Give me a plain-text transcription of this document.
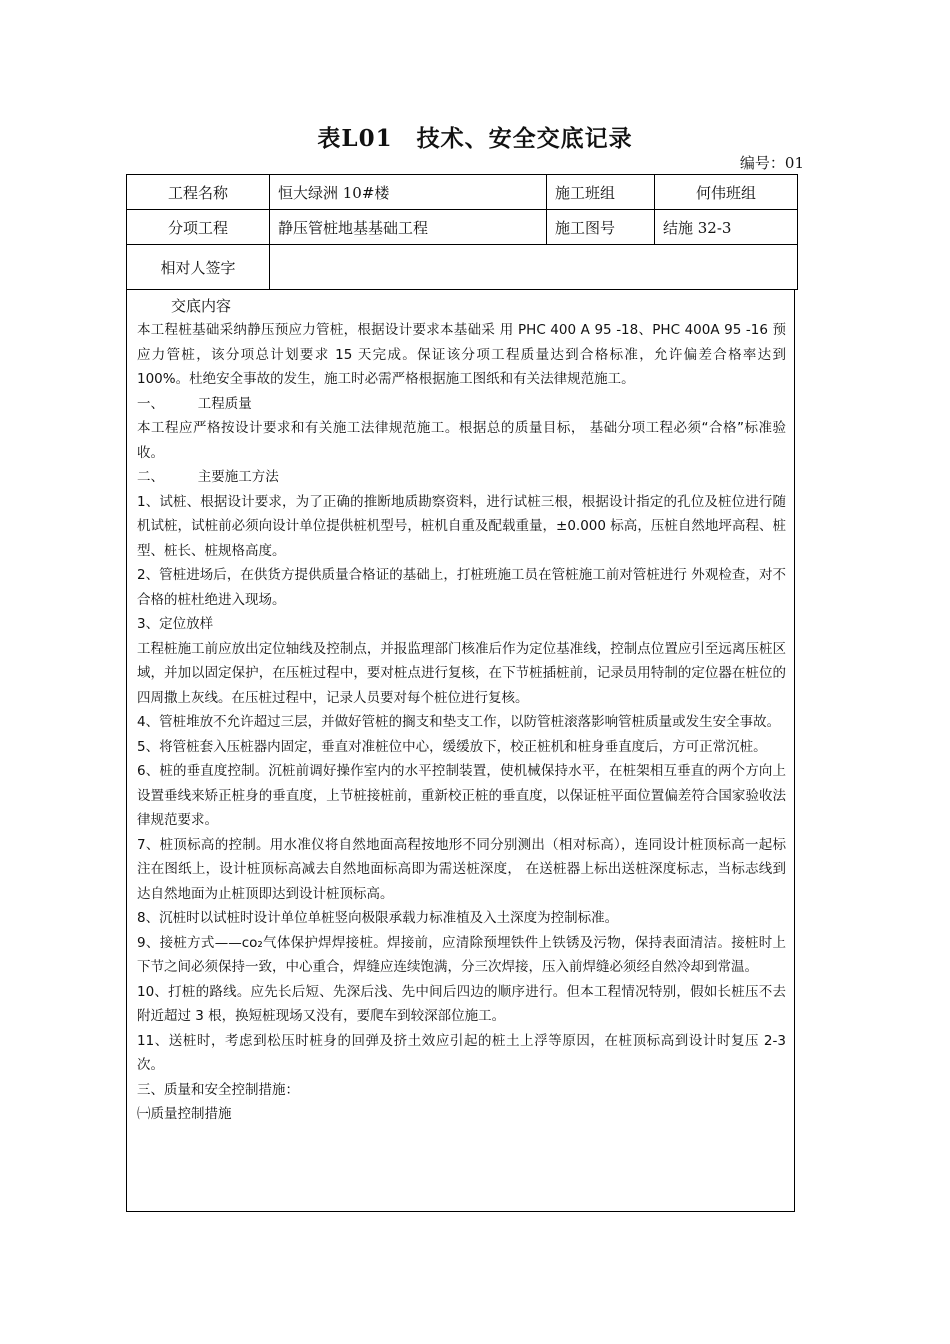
表L01　技术、安全交底记录
编号：01
工程名称	恒大绿洲 10#楼	施工班组	何伟班组
分项工程	静压管桩地基基础工程	施工图号	结施 32-3
相对人签字			

交底内容

本工程桩基础采纳静压预应力管桩，根据设计要求本基础采 用 PHC 400 A 95 -18、PHC 400A 95 -16 预应力管桩，该分项总计划要求 15 天完成。保证该分项工程质量达到合格标准，允许偏差合格率达到 100%。杜绝安全事故的发生，施工时必需严格根据施工图纸和有关法律规范施工。

一、　　　工程质量

本工程应严格按设计要求和有关施工法律规范施工。根据总的质量目标， 基础分项工程必须“合格”标准验收。

二、　　　主要施工方法

1、试桩、根据设计要求，为了正确的推断地质勘察资料，进行试桩三根，根据设计指定的孔位及桩位进行随机试桩，试桩前必须向设计单位提供桩机型号，桩机自重及配载重量，±0.000 标高，压桩自然地坪高程、桩型、桩长、桩规格高度。

2、管桩进场后，在供货方提供质量合格证的基础上，打桩班施工员在管桩施工前对管桩进行 外观检查，对不合格的桩杜绝进入现场。

3、定位放样

工程桩施工前应放出定位轴线及控制点，并报监理部门核准后作为定位基准线，控制点位置应引至远离压桩区域，并加以固定保护，在压桩过程中，要对桩点进行复核，在下节桩插桩前，记录员用特制的定位器在桩位的四周撒上灰线。在压桩过程中，记录人员要对每个桩位进行复核。

4、管桩堆放不允许超过三层，并做好管桩的搁支和垫支工作，以防管桩滚落影响管桩质量或发生安全事故。

5、将管桩套入压桩器内固定，垂直对准桩位中心，缓缓放下，校正桩机和桩身垂直度后，方可正常沉桩。

6、桩的垂直度控制。沉桩前调好操作室内的水平控制装置，使机械保持水平，在桩架相互垂直的两个方向上设置垂线来矫正桩身的垂直度，上节桩接桩前，重新校正桩的垂直度，以保证桩平面位置偏差符合国家验收法律规范要求。

7、桩顶标高的控制。用水准仪将自然地面高程按地形不同分别测出（相对标高），连同设计桩顶标高一起标注在图纸上，设计桩顶标高减去自然地面标高即为需送桩深度， 在送桩器上标出送桩深度标志，当标志线到达自然地面为止桩顶即达到设计桩顶标高。

8、沉桩时以试桩时设计单位单桩竖向极限承载力标准植及入土深度为控制标准。

9、接桩方式——co₂气体保护焊焊接桩。焊接前，应清除预埋铁件上铁锈及污物，保持表面清洁。接桩时上下节之间必须保持一致，中心重合，焊缝应连续饱满，分三次焊接，压入前焊缝必须经自然冷却到常温。

10、打桩的路线。应先长后短、先深后浅、先中间后四边的顺序进行。但本工程情况特别，假如长桩压不去附近超过 3 根，换短桩现场又没有，要爬车到较深部位施工。

11、送桩时，考虑到松压时桩身的回弹及挤土效应引起的桩土上浮等原因，在桩顶标高到设计时复压 2-3 次。

三、质量和安全控制措施：

㈠质量控制措施
